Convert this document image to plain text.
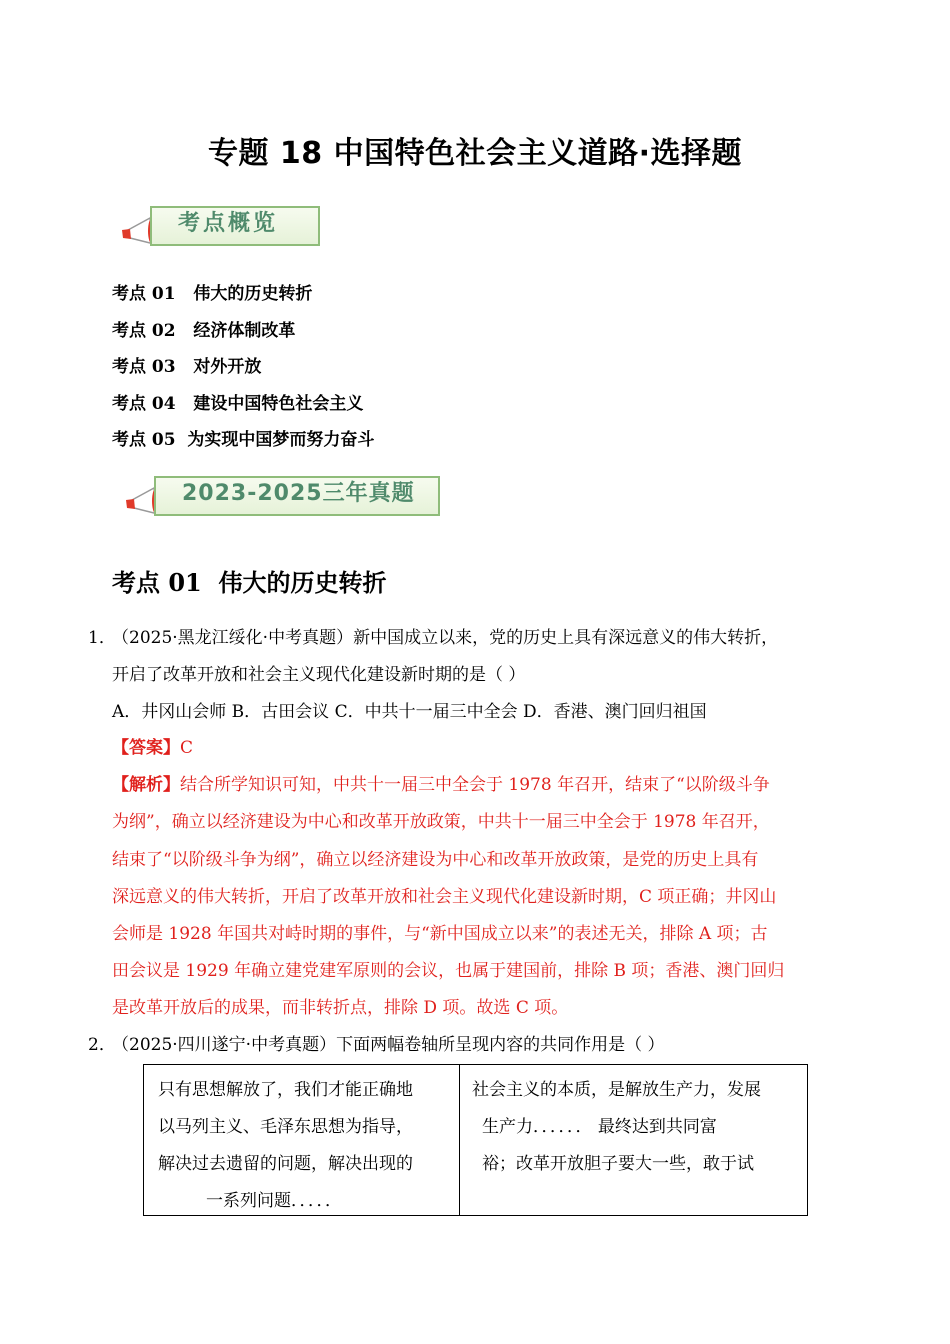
专题 18 中国特色社会主义道路·选择题
考点概览
考点 01 伟大的历史转折
考点 02 经济体制改革
考点 03 对外开放
考点 04 建设中国特色社会主义
考点 05 为实现中国梦而努力奋斗
2023-2025三年真题
考点 01 伟大的历史转折
1．
（2025·黑龙江绥化·中考真题）新中国成立以来，党的历史上具有深远意义的伟大转折，
开启了改革开放和社会主义现代化建设新时期的是（ ）
A．井冈山会师 B．古田会议 C．中共十一届三中全会 D．香港、澳门回归祖国
【答案】C
【解析】结合所学知识可知，中共十一届三中全会于 1978 年召开，结束了“以阶级斗争
为纲”，确立以经济建设为中心和改革开放政策，中共十一届三中全会于 1978 年召开，
结束了“以阶级斗争为纲”，确立以经济建设为中心和改革开放政策，是党的历史上具有
深远意义的伟大转折，开启了改革开放和社会主义现代化建设新时期，C 项正确；井冈山
会师是 1928 年国共对峙时期的事件，与“新中国成立以来”的表述无关，排除 A 项；古
田会议是 1929 年确立建党建军原则的会议，也属于建国前，排除 B 项；香港、澳门回归
是改革开放后的成果，而非转折点，排除 D 项。故选 C 项。
2．
（2025·四川遂宁·中考真题）下面两幅卷轴所呈现内容的共同作用是（ ）
只有思想解放了，我们才能正确地
以马列主义、毛泽东思想为指导，
解决过去遗留的问题，解决出现的
一系列问题．．．．．
社会主义的本质，是解放生产力，发展
生产力．．．．．． 最终达到共同富
裕；改革开放胆子要大一些，敢于试
